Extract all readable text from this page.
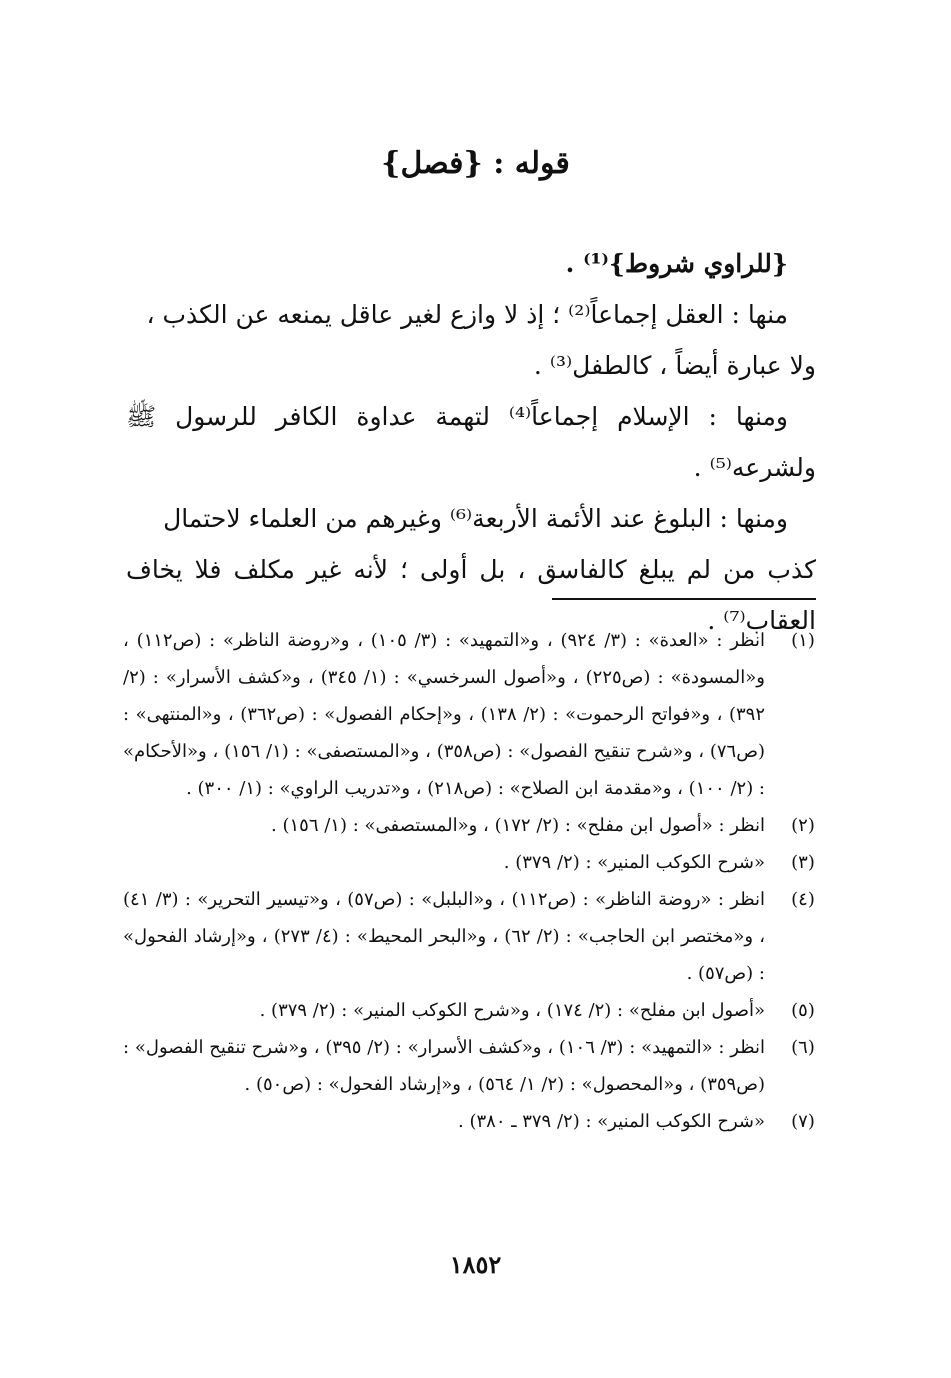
قوله : {فصل}

{للراوي شروط}⁽¹⁾ .

منها : العقل إجماعاً⁽²⁾ ؛ إذ لا وازع لغير عاقل يمنعه عن الكذب ،

ولا عبارة أيضاً ، كالطفل⁽³⁾ .

ومنها : الإسلام إجماعاً⁽⁴⁾ لتهمة عداوة الكافر للرسول ﷺ ولشرعه⁽⁵⁾ .

ومنها : البلوغ عند الأئمة الأربعة⁽⁶⁾ وغيرهم من العلماء لاحتمال

كذب من لم يبلغ كالفاسق ، بل أولى ؛ لأنه غير مكلف فلا يخاف العقاب⁽⁷⁾ .

(١)
انظر : «العدة» : (٣/ ٩٢٤) ، و«التمهيد» : (٣/ ١٠٥) ، و«روضة الناظر» : (ص١١٢) ، و«المسودة» : (ص٢٢٥) ، و«أصول السرخسي» : (١/ ٣٤٥) ، و«كشف الأسرار» : (٢/ ٣٩٢) ، و«فواتح الرحموت» : (٢/ ١٣٨) ، و«إحكام الفصول» : (ص٣٦٢) ، و«المنتهى» : (ص٧٦) ، و«شرح تنقيح الفصول» : (ص٣٥٨) ، و«المستصفى» : (١/ ١٥٦) ، و«الأحكام» : (٢/ ١٠٠) ، و«مقدمة ابن الصلاح» : (ص٢١٨) ، و«تدريب الراوي» : (١/ ٣٠٠) .
(٢)
انظر : «أصول ابن مفلح» : (٢/ ١٧٢) ، و«المستصفى» : (١/ ١٥٦) .
(٣)
«شرح الكوكب المنير» : (٢/ ٣٧٩) .
(٤)
انظر : «روضة الناظر» : (ص١١٢) ، و«البلبل» : (ص٥٧) ، و«تيسير التحرير» : (٣/ ٤١) ، و«مختصر ابن الحاجب» : (٢/ ٦٢) ، و«البحر المحيط» : (٤/ ٢٧٣) ، و«إرشاد الفحول» : (ص٥٧) .
(٥)
«أصول ابن مفلح» : (٢/ ١٧٤) ، و«شرح الكوكب المنير» : (٢/ ٣٧٩) .
(٦)
انظر : «التمهيد» : (٣/ ١٠٦) ، و«كشف الأسرار» : (٢/ ٣٩٥) ، و«شرح تنقيح الفصول» : (ص٣٥٩) ، و«المحصول» : (٢/ ١/ ٥٦٤) ، و«إرشاد الفحول» : (ص٥٠) .
(٧)
«شرح الكوكب المنير» : (٢/ ٣٧٩ ـ ٣٨٠) .
١٨٥٢
